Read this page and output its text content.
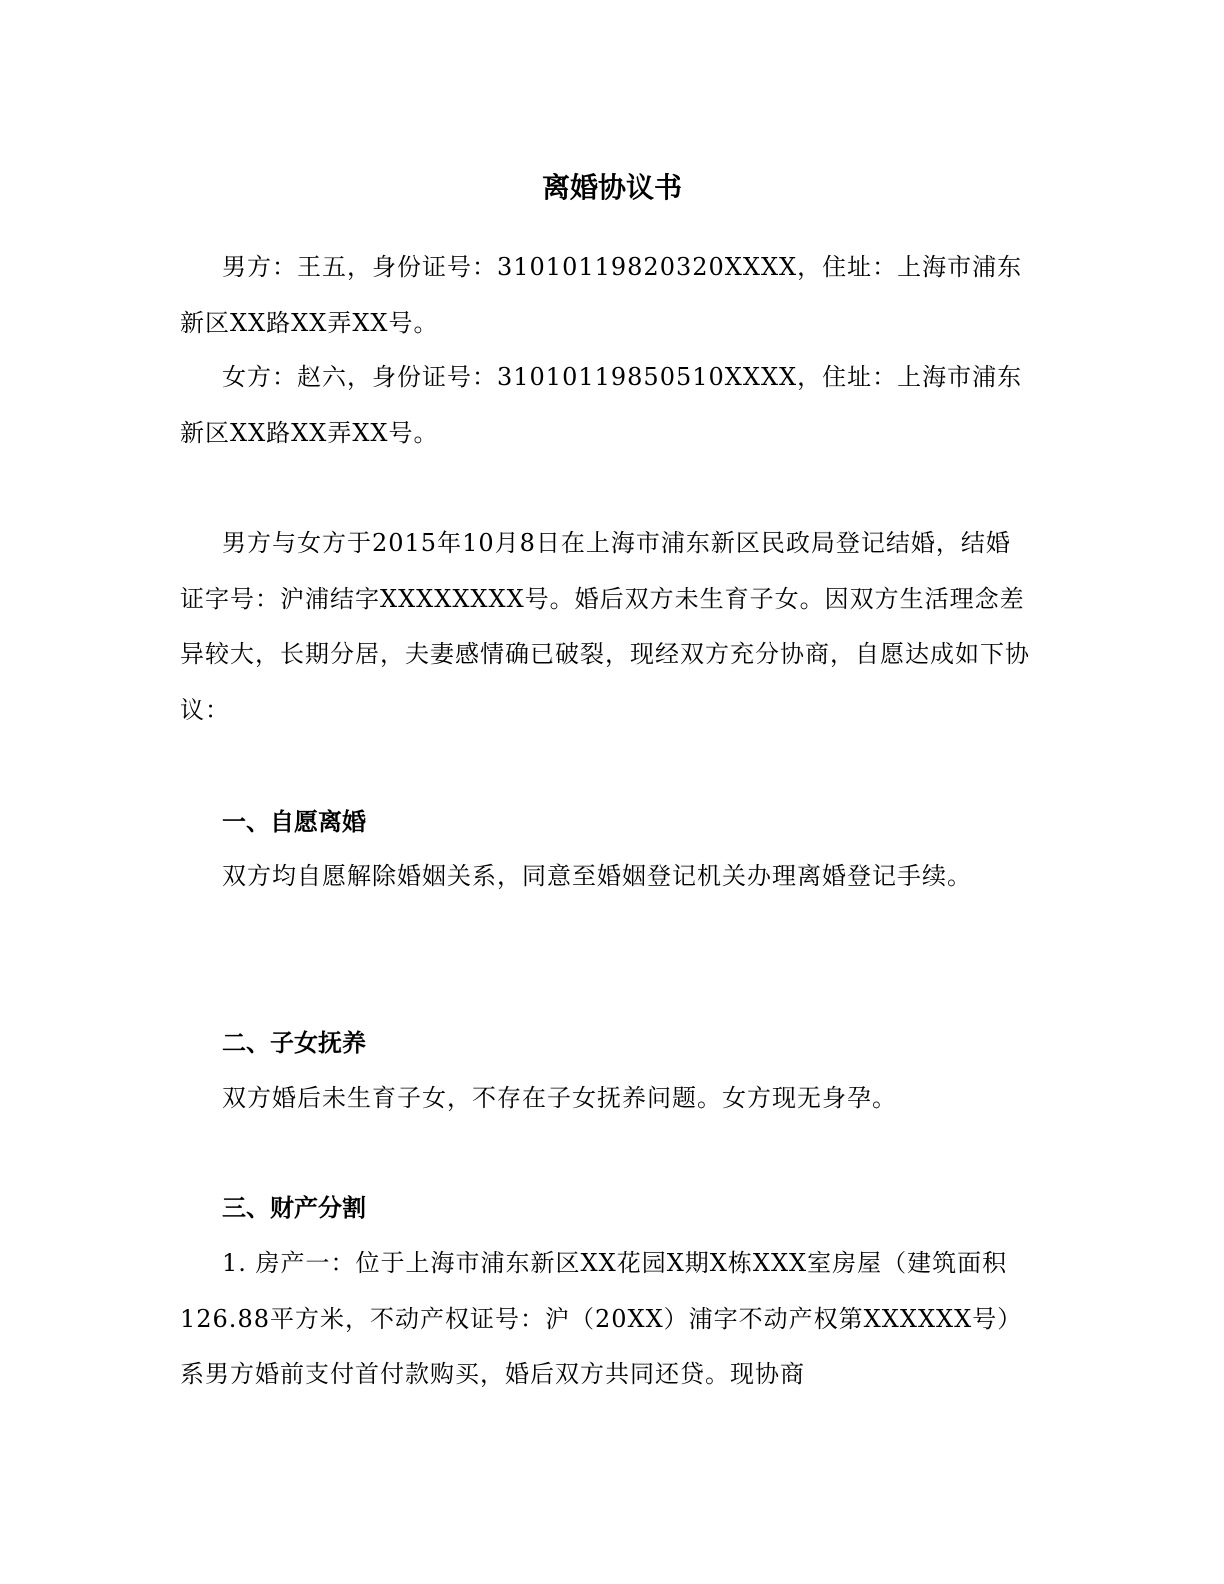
离婚协议书

男方：王五，身份证号：31010119820320XXXX，住址：上海市浦东新区XX路XX弄XX号。

女方：赵六，身份证号：31010119850510XXXX，住址：上海市浦东新区XX路XX弄XX号。

男方与女方于2015年10月8日在上海市浦东新区民政局登记结婚，结婚证字号：沪浦结字XXXXXXXX号。婚后双方未生育子女。因双方生活理念差异较大，长期分居，夫妻感情确已破裂，现经双方充分协商，自愿达成如下协议：

一、自愿离婚

双方均自愿解除婚姻关系，同意至婚姻登记机关办理离婚登记手续。

二、子女抚养

双方婚后未生育子女，不存在子女抚养问题。女方现无身孕。

三、财产分割

1. 房产一：位于上海市浦东新区XX花园X期X栋XXX室房屋（建筑面积126.88平方米，不动产权证号：沪（20XX）浦字不动产权第XXXXXX号）系男方婚前支付首付款购买，婚后双方共同还贷。现协商
